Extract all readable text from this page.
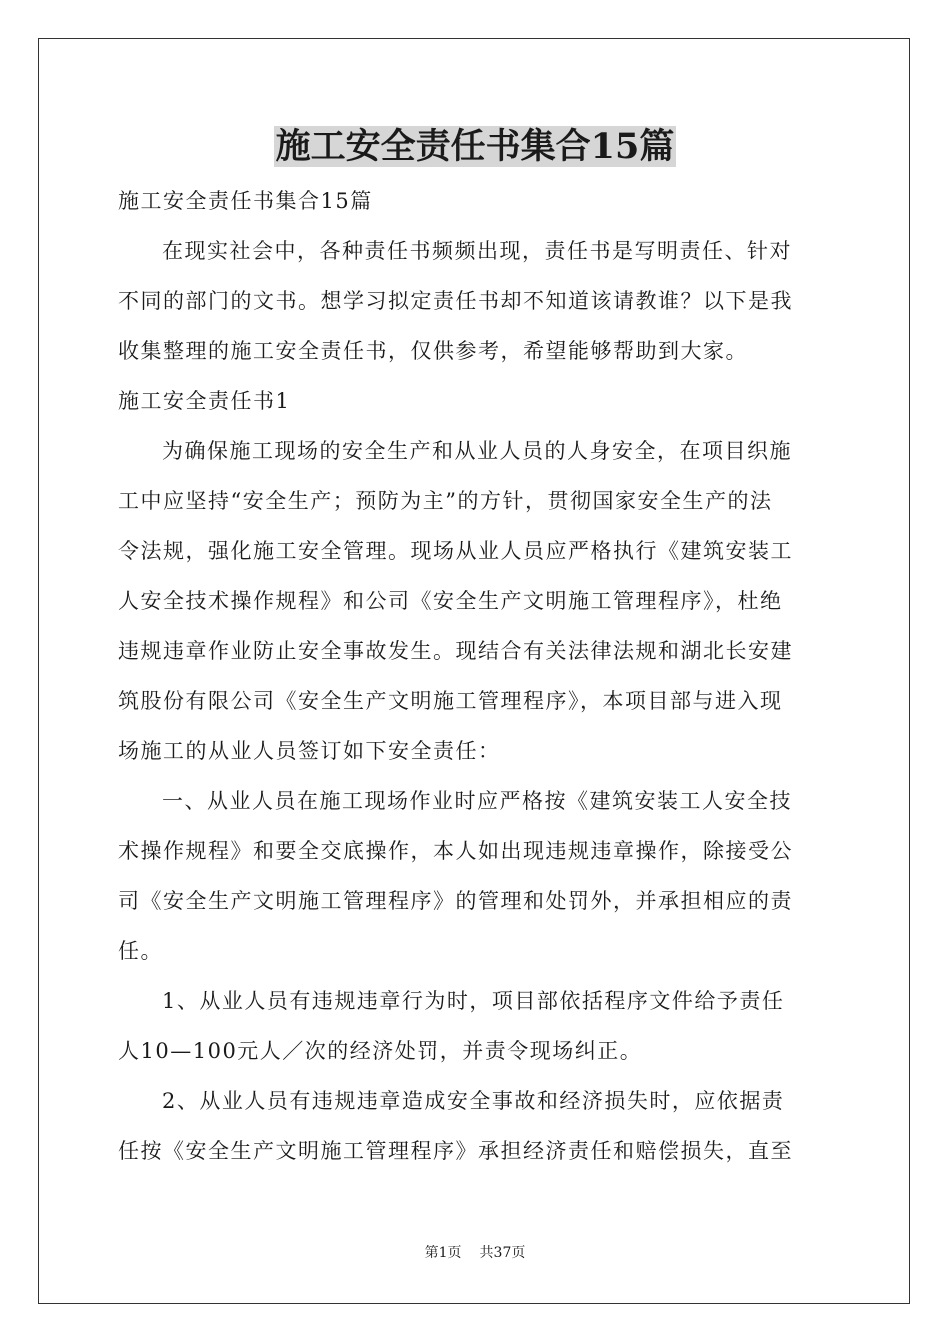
施工安全责任书集合15篇
施工安全责任书集合15篇
在现实社会中，各种责任书频频出现，责任书是写明责任、针对
不同的部门的文书。想学习拟定责任书却不知道该请教谁？以下是我
收集整理的施工安全责任书，仅供参考，希望能够帮助到大家。
施工安全责任书1
为确保施工现场的安全生产和从业人员的人身安全，在项目织施
工中应坚持“安全生产；预防为主”的方针，贯彻国家安全生产的法
令法规，强化施工安全管理。现场从业人员应严格执行《建筑安装工
人安全技术操作规程》和公司《安全生产文明施工管理程序》，杜绝
违规违章作业防止安全事故发生。现结合有关法律法规和湖北长安建
筑股份有限公司《安全生产文明施工管理程序》，本项目部与进入现
场施工的从业人员签订如下安全责任：
一、从业人员在施工现场作业时应严格按《建筑安装工人安全技
术操作规程》和要全交底操作，本人如出现违规违章操作，除接受公
司《安全生产文明施工管理程序》的管理和处罚外，并承担相应的责
任。
1、从业人员有违规违章行为时，项目部依括程序文件给予责任
人10—100元人／次的经济处罚，并责令现场纠正。
2、从业人员有违规违章造成安全事故和经济损失时，应依据责
任按《安全生产文明施工管理程序》承担经济责任和赔偿损失，直至
第1页 共37页
